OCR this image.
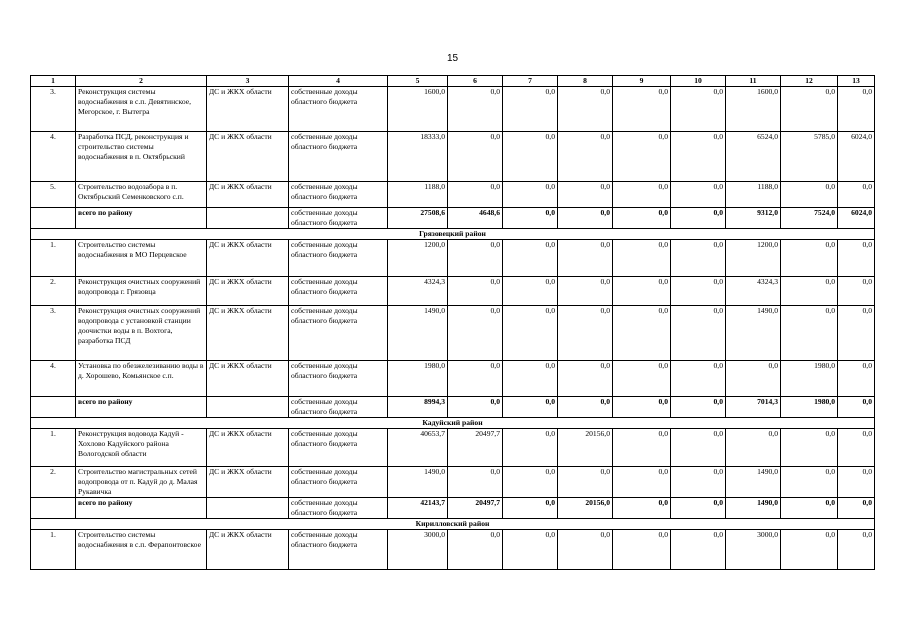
15
1	2	3	4	5	6	7	8	9	10	11	12	13
3.	Реконструкция системы водоснабжения в с.п. Девятинское, Мегорское, г. Вытегра	ДС и ЖКХ области	собственные доходы областного бюджета	1600,0	0,0	0,0	0,0	0,0	0,0	1600,0	0,0	0,0
4.	Разработка ПСД, реконструкция и строительство системы водоснабжения в п. Октябрьский	ДС и ЖКХ области	собственные доходы областного бюджета	18333,0	0,0	0,0	0,0	0,0	0,0	6524,0	5785,0	6024,0
5.	Строительство водозабора в п. Октябрьский Семенковского с.п.	ДС и ЖКХ области	собственные доходы областного бюджета	1188,0	0,0	0,0	0,0	0,0	0,0	1188,0	0,0	0,0
	всего по району		собственные доходы областного бюджета	27508,6	4648,6	0,0	0,0	0,0	0,0	9312,0	7524,0	6024,0
Грязовецкий район												
1.	Строительство системы водоснабжения в МО Перцевское	ДС и ЖКХ области	собственные доходы областного бюджета	1200,0	0,0	0,0	0,0	0,0	0,0	1200,0	0,0	0,0
2.	Реконструкция очистных сооружений водопровода г. Грязовца	ДС и ЖКХ области	собственные доходы областного бюджета	4324,3	0,0	0,0	0,0	0,0	0,0	4324,3	0,0	0,0
3.	Реконструкция очистных сооружений водопровода с установкой станции доочистки воды в п. Вохтога, разработка ПСД	ДС и ЖКХ области	собственные доходы областного бюджета	1490,0	0,0	0,0	0,0	0,0	0,0	1490,0	0,0	0,0
4.	Установка по обезжелезиванию воды в д. Хорошево, Комьянское с.п.	ДС и ЖКХ области	собственные доходы областного бюджета	1980,0	0,0	0,0	0,0	0,0	0,0	0,0	1980,0	0,0
	всего по району		собственные доходы областного бюджета	8994,3	0,0	0,0	0,0	0,0	0,0	7014,3	1980,0	0,0
Кадуйский район												
1.	Реконструкция водовода Кадуй - Хохлово Кадуйского района Вологодской области	ДС и ЖКХ области	собственные доходы областного бюджета	40653,7	20497,7	0,0	20156,0	0,0	0,0	0,0	0,0	0,0
2.	Строительство магистральных сетей водопровода от п. Кадуй до д. Малая Рукавичка	ДС и ЖКХ области	собственные доходы областного бюджета	1490,0	0,0	0,0	0,0	0,0	0,0	1490,0	0,0	0,0
	всего по району		собственные доходы областного бюджета	42143,7	20497,7	0,0	20156,0	0,0	0,0	1490,0	0,0	0,0
Кирилловский район												
1.	Строительство системы водоснабжения в с.п. Ферапонтовское	ДС и ЖКХ области	собственные доходы областного бюджета	3000,0	0,0	0,0	0,0	0,0	0,0	3000,0	0,0	0,0
